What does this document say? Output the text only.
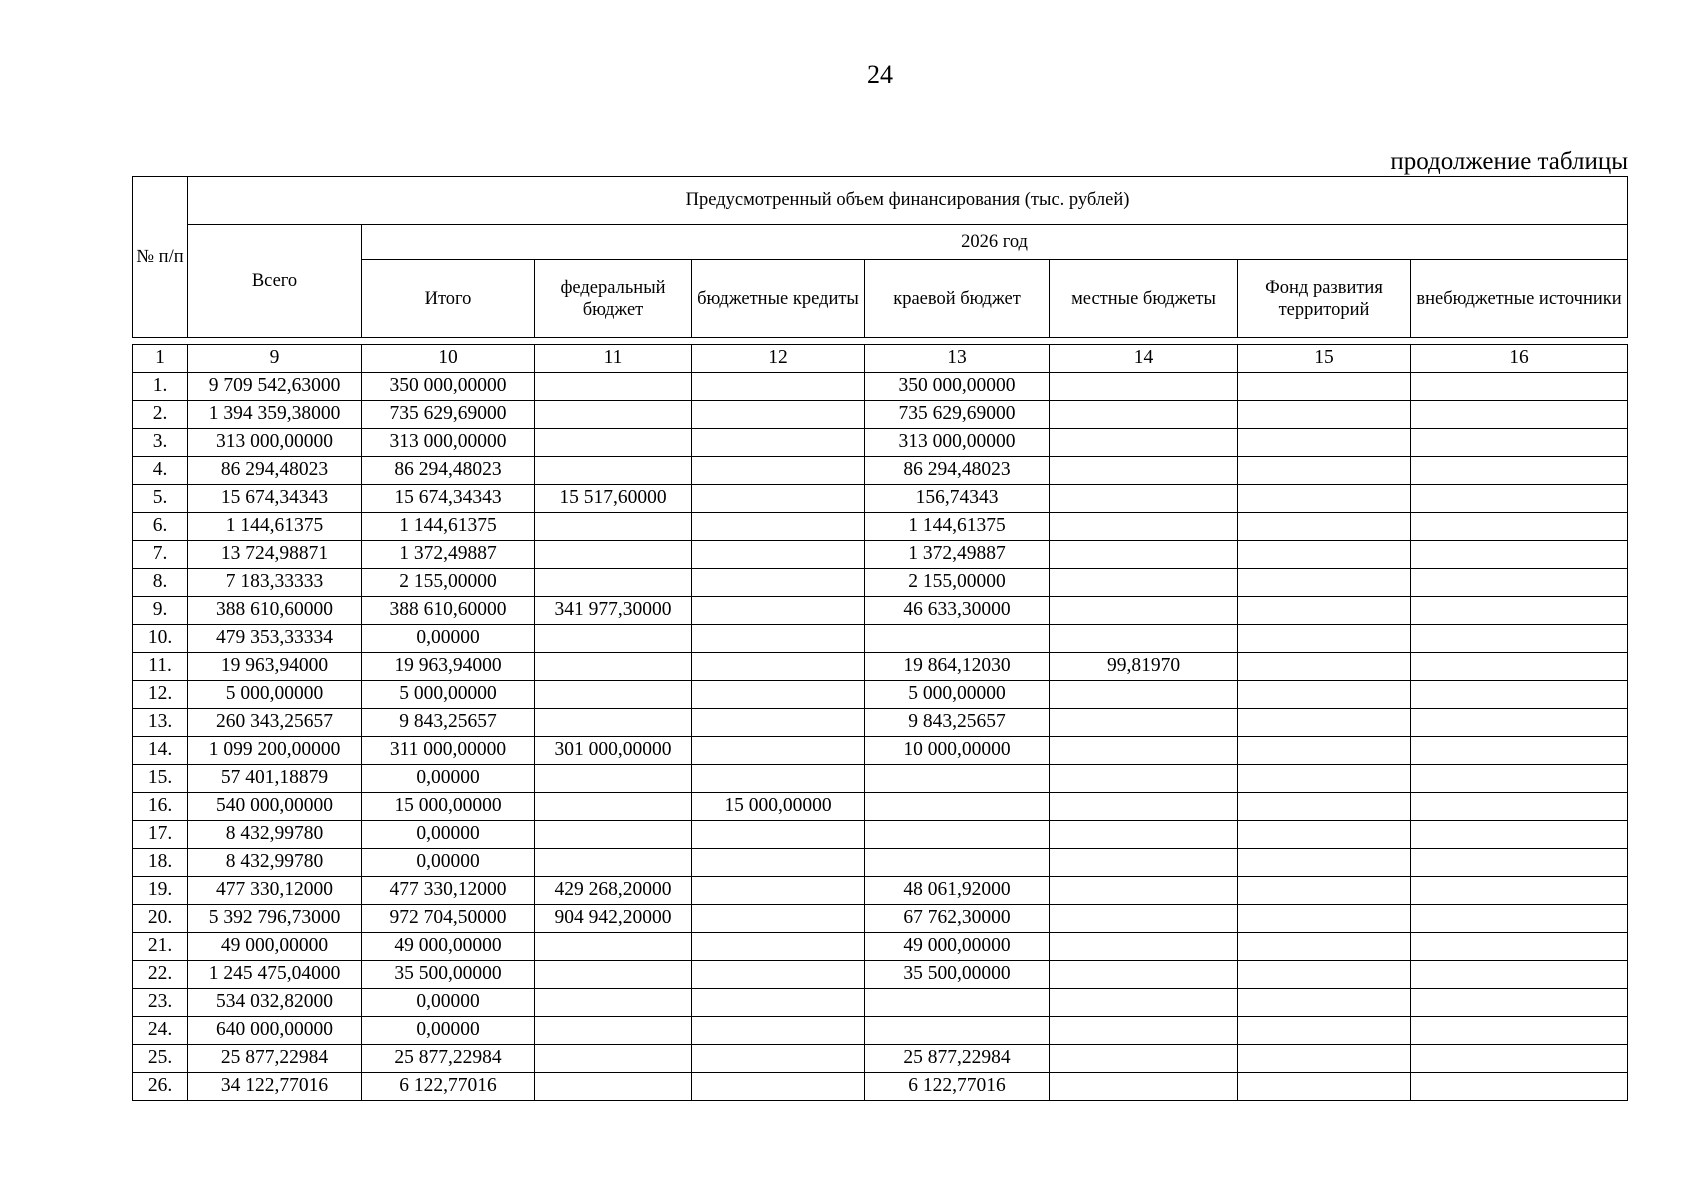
24
продолжение таблицы
№ п/п	Предусмотренный объем финансирования (тыс. рублей)							
	Всего	2026 год						
		Итого	федеральный бюджет	бюджетные кредиты	краевой бюджет	местные бюджеты	Фонд развития территорий	внебюджетные источники
1	9	10	11	12	13	14	15	16
1.	9 709 542,63000	350 000,00000			350 000,00000			
2.	1 394 359,38000	735 629,69000			735 629,69000			
3.	313 000,00000	313 000,00000			313 000,00000			
4.	86 294,48023	86 294,48023			86 294,48023			
5.	15 674,34343	15 674,34343	15 517,60000		156,74343			
6.	1 144,61375	1 144,61375			1 144,61375			
7.	13 724,98871	1 372,49887			1 372,49887			
8.	7 183,33333	2 155,00000			2 155,00000			
9.	388 610,60000	388 610,60000	341 977,30000		46 633,30000			
10.	479 353,33334	0,00000						
11.	19 963,94000	19 963,94000			19 864,12030	99,81970		
12.	5 000,00000	5 000,00000			5 000,00000			
13.	260 343,25657	9 843,25657			9 843,25657			
14.	1 099 200,00000	311 000,00000	301 000,00000		10 000,00000			
15.	57 401,18879	0,00000						
16.	540 000,00000	15 000,00000		15 000,00000				
17.	8 432,99780	0,00000						
18.	8 432,99780	0,00000						
19.	477 330,12000	477 330,12000	429 268,20000		48 061,92000			
20.	5 392 796,73000	972 704,50000	904 942,20000		67 762,30000			
21.	49 000,00000	49 000,00000			49 000,00000			
22.	1 245 475,04000	35 500,00000			35 500,00000			
23.	534 032,82000	0,00000						
24.	640 000,00000	0,00000						
25.	25 877,22984	25 877,22984			25 877,22984			
26.	34 122,77016	6 122,77016			6 122,77016			
